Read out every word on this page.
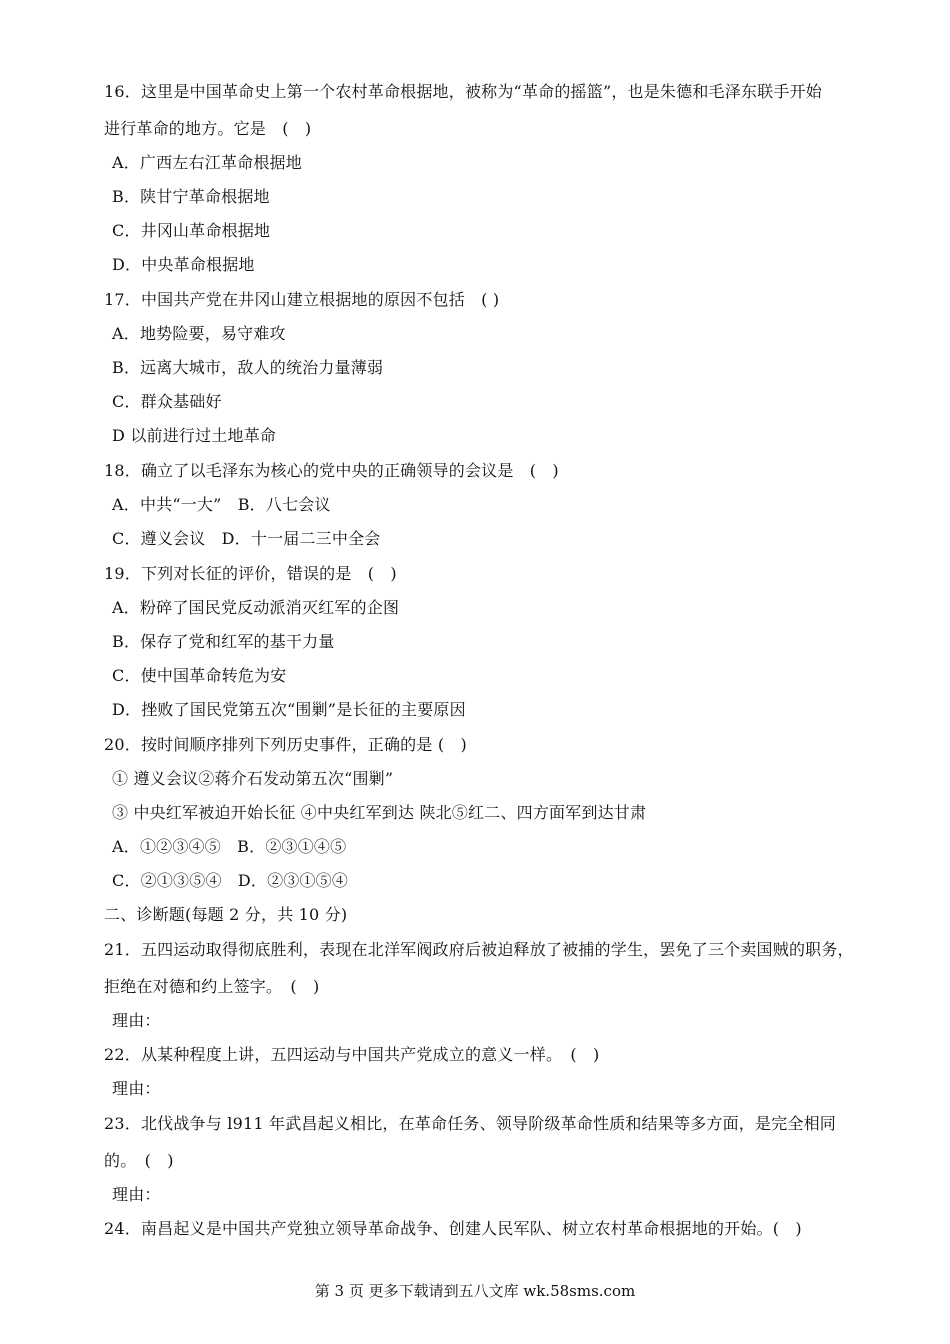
16．这里是中国革命史上第一个农村革命根据地，被称为“革命的摇篮”，也是朱德和毛泽东联手开始
进行革命的地方。它是　(　)
A．广西左右江革命根据地
B．陕甘宁革命根据地
C．井冈山革命根据地
D．中央革命根据地
17．中国共产党在井冈山建立根据地的原因不包括　( )
A．地势险要，易守难攻
B．远离大城市，敌人的统治力量薄弱
C．群众基础好
D 以前进行过土地革命
18．确立了以毛泽东为核心的党中央的正确领导的会议是　(　)
A．中共“一大”　B．八七会议
C．遵义会议　D．十一届二三中全会
19．下列对长征的评价，错误的是　(　)
A．粉碎了国民党反动派消灭红军的企图
B．保存了党和红军的基干力量
C．使中国革命转危为安
D．挫败了国民党第五次“围剿”是长征的主要原因
20．按时间顺序排列下列历史事件，正确的是 (　)
① 遵义会议②蒋介石发动第五次“围剿”
③ 中央红军被迫开始长征 ④中央红军到达 陕北⑤红二、四方面军到达甘肃
A．①②③④⑤　B．②③①④⑤
C．②①③⑤④　D．②③①⑤④
二、诊断题(每题 2 分，共 10 分)
21．五四运动取得彻底胜利，表现在北洋军阀政府后被迫释放了被捕的学生，罢免了三个卖国贼的职务，
拒绝在对德和约上签字。　(　)
理由：
22．从某种程度上讲，五四运动与中国共产党成立的意义一样。　(　)
理由：
23．北伐战争与 l911 年武昌起义相比，在革命任务、领导阶级革命性质和结果等多方面，是完全相同
的。　(　)
理由：
24．南昌起义是中国共产党独立领导革命战争、创建人民军队、树立农村革命根据地的开始。(　)
第 3 页 更多下载请到五八文库 wk.58sms.com
